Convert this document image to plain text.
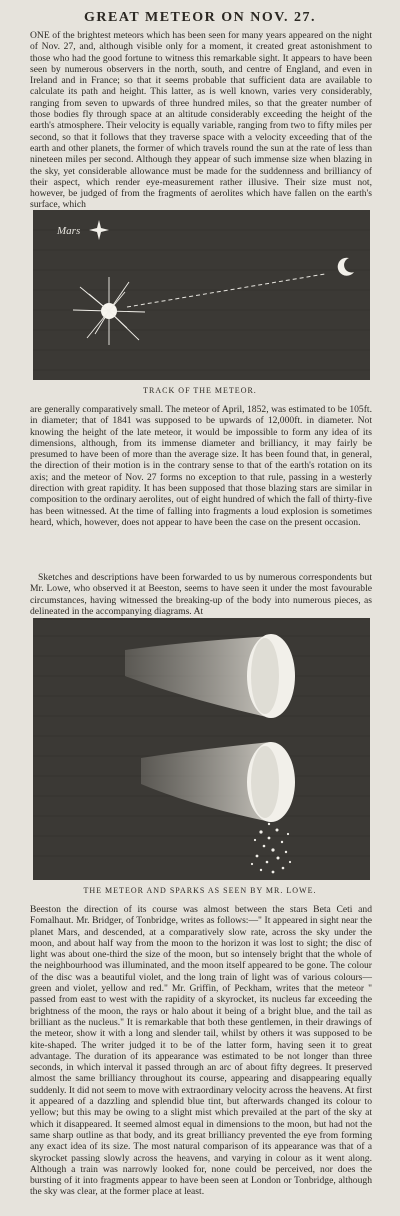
GREAT METEOR ON NOV. 27.

ONE of the brightest meteors which has been seen for many years appeared on the night of Nov. 27, and, although visible only for a moment, it created great astonishment to those who had the good fortune to witness this remarkable sight. It appears to have been seen by numerous observers in the north, south, and centre of England, and even in Ireland and in France; so that it seems probable that sufficient data are available to calculate its path and height. This latter, as is well known, varies very considerably, ranging from seven to upwards of three hundred miles, so that the greater number of those bodies fly through space at an altitude considerably exceeding the height of the earth's atmosphere. Their velocity is equally variable, ranging from two to fifty miles per second, so that it follows that they traverse space with a velocity exceeding that of the earth and other planets, the former of which travels round the sun at the rate of less than nineteen miles per second. Although they appear of such immense size when blazing in the sky, yet considerable allowance must be made for the suddenness and brilliancy of their aspect, which render eye-measurement rather illusive. Their size must not, however, be judged of from the fragments of aerolites which have fallen on the earth's surface, which

Mars
TRACK OF THE METEOR.

are generally comparatively small. The meteor of April, 1852, was estimated to be 105ft. in diameter; that of 1841 was supposed to be upwards of 12,000ft. in diameter. Not knowing the height of the late meteor, it would be impossible to form any idea of its dimensions, although, from its immense diameter and brilliancy, it may fairly be presumed to have been of more than the average size. It has been found that, in general, the direction of their motion is in the contrary sense to that of the earth's rotation on its axis; and the meteor of Nov. 27 forms no exception to that rule, passing in a westerly direction with great rapidity. It has been supposed that those blazing stars are similar in composition to the ordinary aerolites, out of eight hundred of which the fall of thirty-five has been witnessed. At the time of falling into fragments a loud explosion is sometimes heard, which, however, does not appear to have been the case on the present occasion.

Sketches and descriptions have been forwarded to us by numerous correspondents but Mr. Lowe, who observed it at Beeston, seems to have seen it under the most favourable circumstances, having witnessed the breaking-up of the body into numerous pieces, as delineated in the accompanying diagrams. At

THE METEOR AND SPARKS AS SEEN BY MR. LOWE.

Beeston the direction of its course was almost between the stars Beta Ceti and Fomalhaut. Mr. Bridger, of Tonbridge, writes as follows:—" It appeared in sight near the planet Mars, and descended, at a comparatively slow rate, across the sky under the moon, and about half way from the moon to the horizon it was lost to sight; the disc of light was about one-third the size of the moon, but so intensely bright that the whole of the neighbourhood was illuminated, and the moon itself appeared to be gone. The colour of the disc was a beautiful violet, and the long train of light was of various colours—green and violet, yellow and red." Mr. Griffin, of Peckham, writes that the meteor " passed from east to west with the rapidity of a skyrocket, its nucleus far exceeding the brightness of the moon, the rays or halo about it being of a bright blue, and the tail as brilliant as the nucleus." It is remarkable that both these gentlemen, in their drawings of the meteor, show it with a long and slender tail, whilst by others it was supposed to be kite-shaped. The writer judged it to be of the latter form, having seen it to great advantage. The duration of its appearance was estimated to be not longer than three seconds, in which interval it passed through an arc of about fifty degrees. It preserved almost the same brilliancy throughout its course, appearing and disappearing equally suddenly. It did not seem to move with extraordinary velocity across the heavens. At first it appeared of a dazzling and splendid blue tint, but afterwards changed its colour to yellow; but this may be owing to a slight mist which prevailed at the part of the sky at which it disappeared. It seemed almost equal in dimensions to the moon, but had not the same sharp outline as that body, and its great brilliancy prevented the eye from forming any exact idea of its size. The most natural comparison of its appearance was that of a skyrocket passing slowly across the heavens, and varying in colour as it went along. Although a train was narrowly looked for, none could be perceived, nor does the bursting of it into fragments appear to have been seen at London or Tonbridge, although the sky was clear, at the former place at least.
